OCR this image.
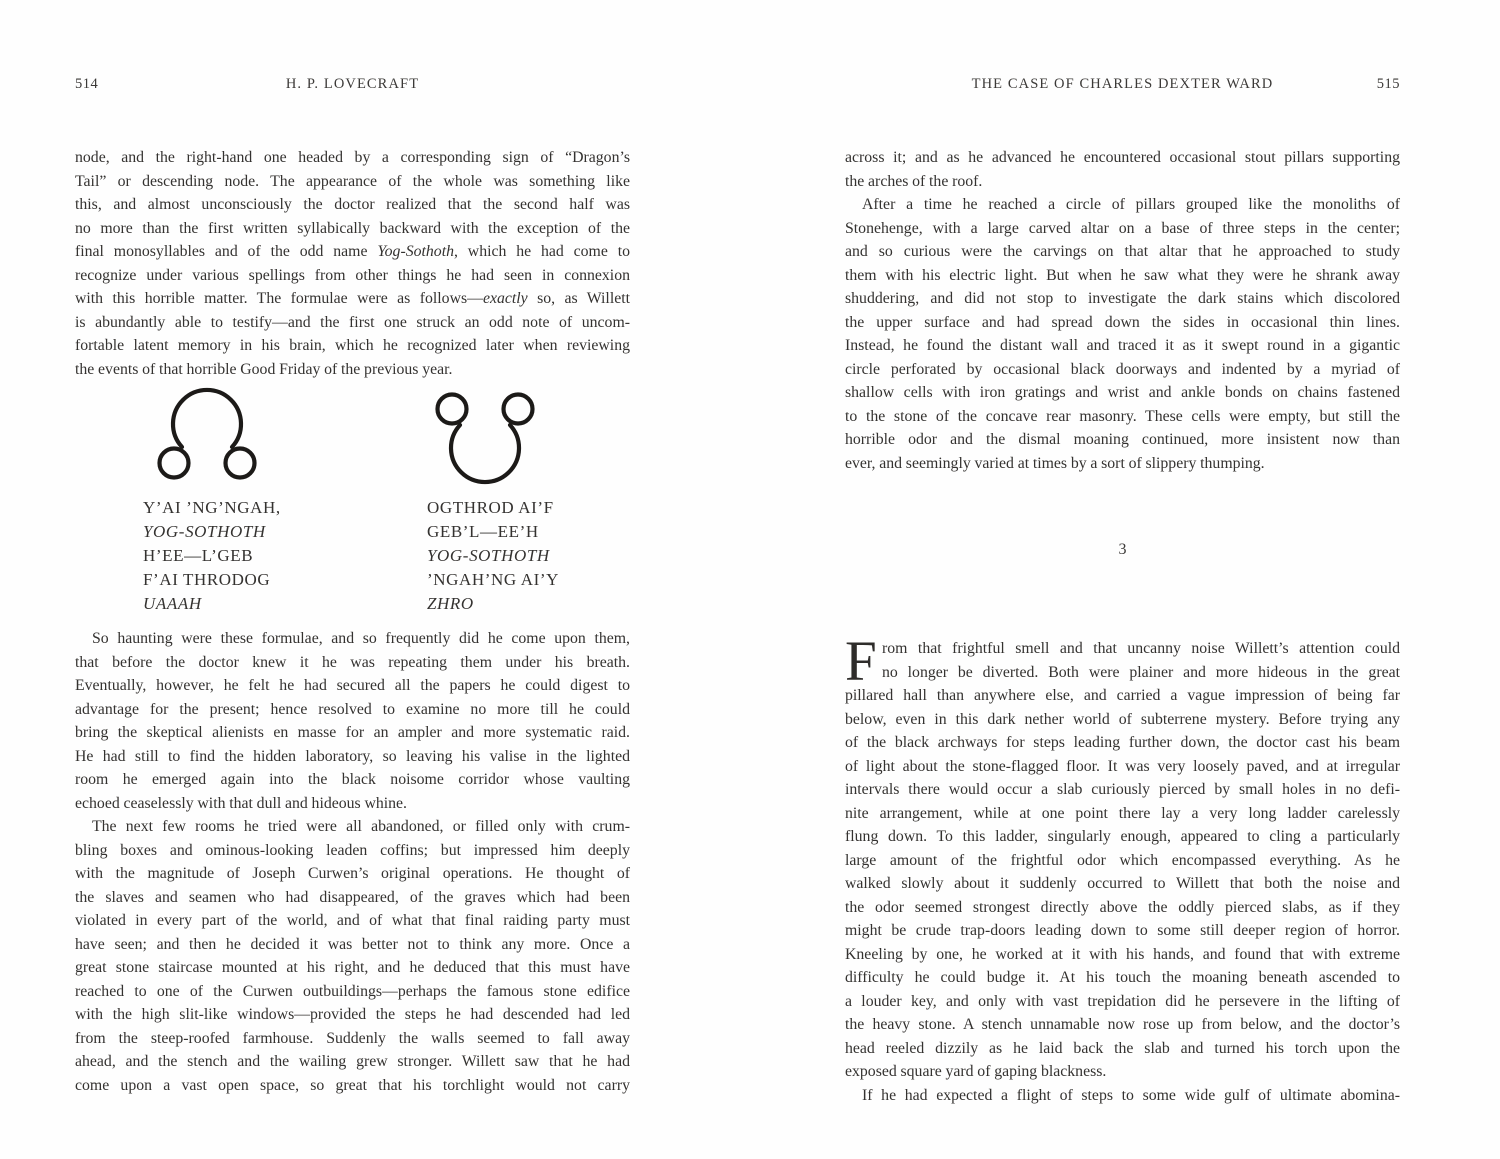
514	H. P. LOVECRAFT
node, and the right-hand one headed by a corresponding sign of “Dragon’s
Tail” or descending node. The appearance of the whole was something like
this, and almost unconsciously the doctor realized that the second half was
no more than the first written syllabically backward with the exception of the
final monosyllables and of the odd name Yog-Sothoth, which he had come to
recognize under various spellings from other things he had seen in connexion
with this horrible matter. The formulae were as follows—exactly so, as Willett
is abundantly able to testify—and the first one struck an odd note of uncom-
fortable latent memory in his brain, which he recognized later when reviewing
the events of that horrible Good Friday of the previous year.
Y’AI ’NG’NGAH,
YOG-SOTHOTH
H’EE—L’GEB
F’AI THRODOG
UAAAH
OGTHROD AI’F
GEB’L—EE’H
YOG-SOTHOTH
’NGAH’NG AI’Y
ZHRO
So haunting were these formulae, and so frequently did he come upon them,
that before the doctor knew it he was repeating them under his breath.
Eventually, however, he felt he had secured all the papers he could digest to
advantage for the present; hence resolved to examine no more till he could
bring the skeptical alienists en masse for an ampler and more systematic raid.
He had still to find the hidden laboratory, so leaving his valise in the lighted
room he emerged again into the black noisome corridor whose vaulting
echoed ceaselessly with that dull and hideous whine.
The next few rooms he tried were all abandoned, or filled only with crum-
bling boxes and ominous-looking leaden coffins; but impressed him deeply
with the magnitude of Joseph Curwen’s original operations. He thought of
the slaves and seamen who had disappeared, of the graves which had been
violated in every part of the world, and of what that final raiding party must
have seen; and then he decided it was better not to think any more. Once a
great stone staircase mounted at his right, and he deduced that this must have
reached to one of the Curwen outbuildings—perhaps the famous stone edifice
with the high slit-like windows—provided the steps he had descended had led
from the steep-roofed farmhouse. Suddenly the walls seemed to fall away
ahead, and the stench and the wailing grew stronger. Willett saw that he had
come upon a vast open space, so great that his torchlight would not carry
THE CASE OF CHARLES DEXTER WARD	515
across it; and as he advanced he encountered occasional stout pillars supporting
the arches of the roof.
After a time he reached a circle of pillars grouped like the monoliths of
Stonehenge, with a large carved altar on a base of three steps in the center;
and so curious were the carvings on that altar that he approached to study
them with his electric light. But when he saw what they were he shrank away
shuddering, and did not stop to investigate the dark stains which discolored
the upper surface and had spread down the sides in occasional thin lines.
Instead, he found the distant wall and traced it as it swept round in a gigantic
circle perforated by occasional black doorways and indented by a myriad of
shallow cells with iron gratings and wrist and ankle bonds on chains fastened
to the stone of the concave rear masonry. These cells were empty, but still the
horrible odor and the dismal moaning continued, more insistent now than
ever, and seemingly varied at times by a sort of slippery thumping.
3
F rom that frightful smell and that uncanny noise Willett’s attention could
no longer be diverted. Both were plainer and more hideous in the great
pillared hall than anywhere else, and carried a vague impression of being far
below, even in this dark nether world of subterrene mystery. Before trying any
of the black archways for steps leading further down, the doctor cast his beam
of light about the stone-flagged floor. It was very loosely paved, and at irregular
intervals there would occur a slab curiously pierced by small holes in no defi-
nite arrangement, while at one point there lay a very long ladder carelessly
flung down. To this ladder, singularly enough, appeared to cling a particularly
large amount of the frightful odor which encompassed everything. As he
walked slowly about it suddenly occurred to Willett that both the noise and
the odor seemed strongest directly above the oddly pierced slabs, as if they
might be crude trap-doors leading down to some still deeper region of horror.
Kneeling by one, he worked at it with his hands, and found that with extreme
difficulty he could budge it. At his touch the moaning beneath ascended to
a louder key, and only with vast trepidation did he persevere in the lifting of
the heavy stone. A stench unnamable now rose up from below, and the doctor’s
head reeled dizzily as he laid back the slab and turned his torch upon the
exposed square yard of gaping blackness.
If he had expected a flight of steps to some wide gulf of ultimate abomina-
